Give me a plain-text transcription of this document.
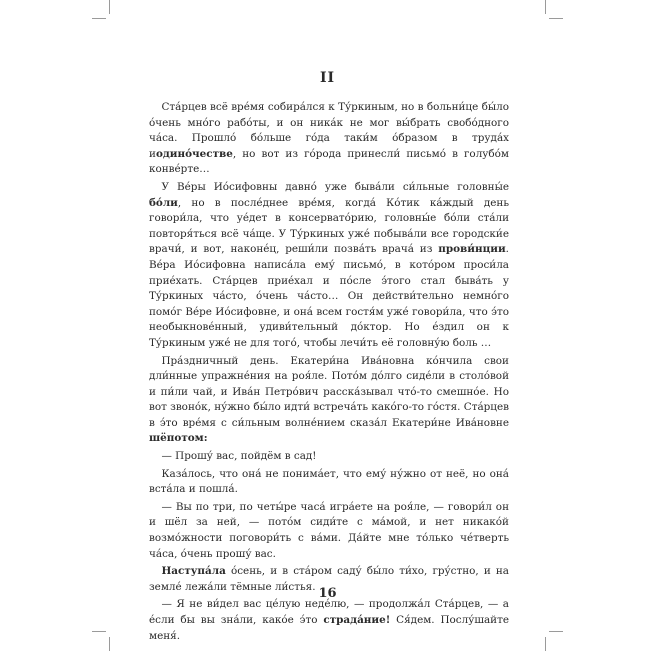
II

Ста́рцев всё вре́мя собира́лся к Ту́ркиным, но в больни́це бы́ло о́чень мно́го рабо́ты, и он ника́к не мог вы́брать свобо́дного ча́са. Прошло́ бо́льше го́да таки́м о́бразом в труда́х иодино́честве, но вот из го́рода принесли́ письмо́ в голубо́м конве́рте…

У Ве́ры Ио́сифовны давно́ уже быва́ли си́льные головны́е бо́ли, но в после́днее вре́мя, когда́ Ко́тик ка́ждый день говори́ла, что уе́дет в консервато́рию, головны́е бо́ли ста́ли повторя́ться всё ча́ще. У Ту́ркиных уже́ побыва́ли все городски́е врачи́, и вот, наконе́ц, реши́ли позва́ть врача́ из прови́нции. Ве́ра Ио́сифовна написа́ла ему́ письмо́, в кото́ром проси́ла прие́хать. Ста́рцев прие́хал и по́сле э́того стал быва́ть у Ту́ркиных ча́сто, о́чень ча́сто… Он действи́тельно немно́го помо́г Ве́ре Ио́сифовне, и она́ всем гостя́м уже́ говори́ла, что э́то необыкнове́нный, удиви́тельный до́ктор. Но е́здил он к Ту́ркиным уже́ не для того́, чтобы лечи́ть её головну́ю боль …

Пра́здничный день. Екатери́на Ива́новна ко́нчила свои дли́нные упражне́ния на роя́ле. Пото́м до́лго сиде́ли в столо́вой и пи́ли чай, и Ива́н Петро́вич расска́зывал что́-то смешно́е. Но вот звоно́к, ну́жно бы́ло идти́ встреча́ть како́го-то го́стя. Ста́рцев в э́то вре́мя с си́льным волне́нием сказа́л Екатери́не Ива́новне шёпотом:

— Прошу́ вас, пойдём в сад!

Каза́лось, что она́ не понима́ет, что ему́ ну́жно от неё, но она́ вста́ла и пошла́.

— Вы по три, по четы́ре часа́ игра́ете на роя́ле, — говори́л он и шёл за ней, — пото́м сиди́те с ма́мой, и нет никако́й возмо́жности поговори́ть с ва́ми. Да́йте мне то́лько че́тверть ча́са, о́чень прошу́ вас.

Наступа́ла о́сень, и в ста́ром саду́ бы́ло ти́хо, гру́стно, и на земле́ лежа́ли тёмные ли́стья.

— Я не ви́дел вас це́лую неде́лю, — продолжа́л Ста́рцев, — а е́сли бы вы зна́ли, како́е э́то страда́ние! Ся́дем. Послу́шайте меня́.

16
